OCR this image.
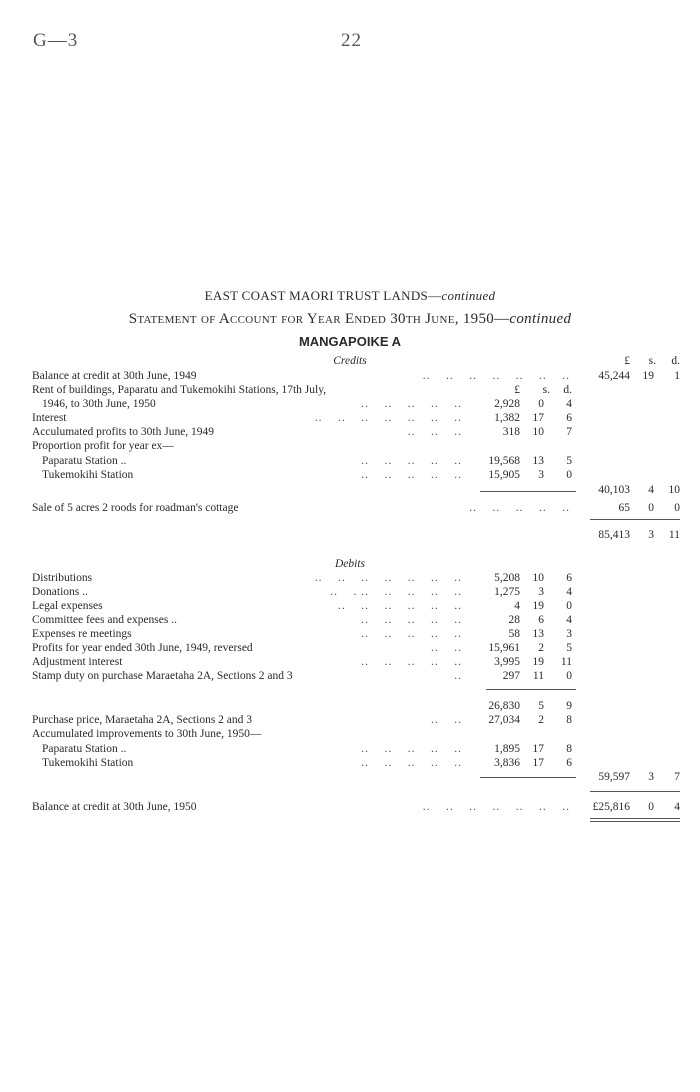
G—3	22
EAST COAST MAORI TRUST LANDS—continued
Statement of Account for Year Ended 30th June, 1950—continued
MANGAPOIKE A
Credits	£	s.	d.
£	s.	d.
Balance at credit at 30th June, 1949	..    ..    ..    ..    ..    ..    ..	45,244	19	1
Rent of buildings, Paparatu and Tukemokihi Stations, 17th July,
1946, to 30th June, 1950	..    ..    ..    ..    ..	2,928	0	4
Interest	..    ..    ..    ..    ..    ..    ..	1,382	17	6
Acculumated profits to 30th June, 1949	..    ..    ..	318	10	7
Proportion profit for year ex—
Paparatu Station ..	..    ..    ..    ..    ..	19,568	13	5
Tukemokihi Station	..    ..    ..    ..    ..	15,905	3	0
40,103	4	10
Sale of 5 acres 2 roods for roadman's cottage	..    ..    ..    ..    ..	65	0	0
85,413	3	11
Debits
Distributions	..    ..    ..    ..    ..    ..    ..	5,208	10	6
Donations ..	..    . ..    ..    ..    ..    ..	1,275	3	4
Legal expenses	..    ..    ..    ..    ..    ..	4	19	0
Committee fees and expenses ..	..    ..    ..    ..    ..	28	6	4
Expenses re meetings	..    ..    ..    ..    ..	58	13	3
Profits for year ended 30th June, 1949, reversed	..    ..	15,961	2	5
Adjustment interest	..    ..    ..    ..    ..	3,995	19	11
Stamp duty on purchase Maraetaha 2A, Sections 2 and 3	..	297	11	0
26,830	5	9
Purchase price, Maraetaha 2A, Sections 2 and 3	..    ..	27,034	2	8
Accumulated improvements to 30th June, 1950—
Paparatu Station ..	..    ..    ..    ..    ..	1,895	17	8
Tukemokihi Station	..    ..    ..    ..    ..	3,836	17	6
59,597	3	7
Balance at credit at 30th June, 1950	..    ..    ..    ..    ..    ..    ..	£25,816	0	4
